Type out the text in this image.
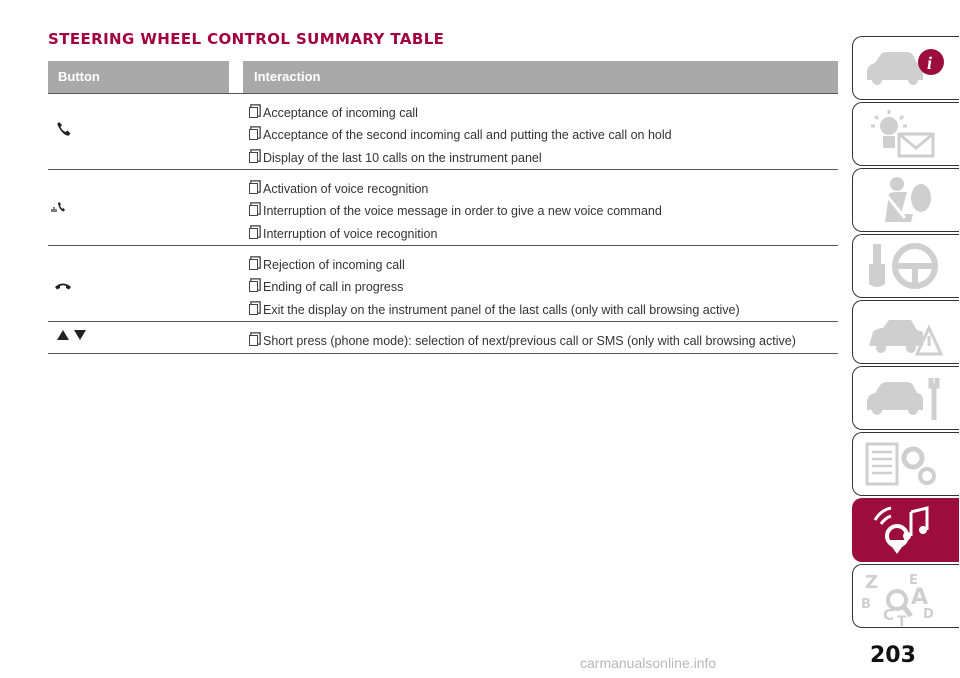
STEERING WHEEL CONTROL SUMMARY TABLE
Button	Interaction
Acceptance of incoming call
Acceptance of the second incoming call and putting the active call on hold
Display of the last 10 calls on the instrument panel
Activation of voice recognition
Interruption of the voice message in order to give a new voice command
Interruption of voice recognition
Rejection of incoming call
Ending of call in progress
Exit the display on the instrument panel of the last calls (only with call browsing active)
Short press (phone mode): selection of next/previous call or SMS (only with call browsing active)
i
Z E
A
B
C D
T
203
carmanualsonline.info
